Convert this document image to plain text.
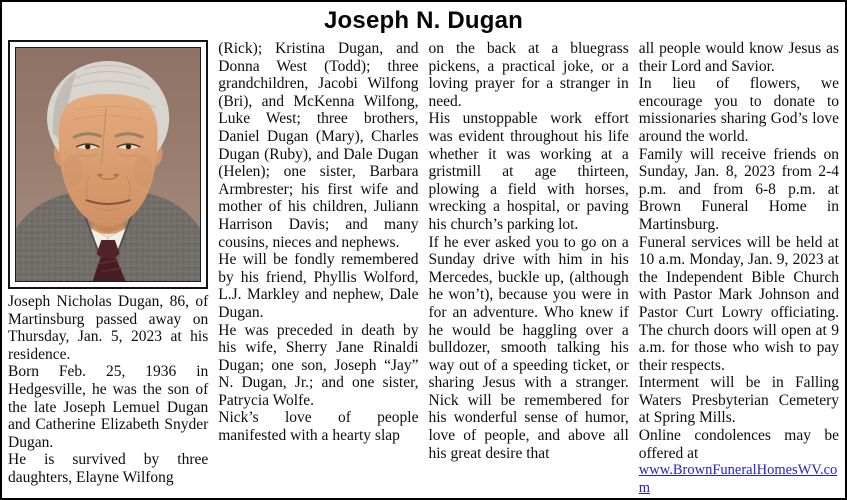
Joseph N. Dugan

Joseph Nicholas Dugan, 86, of Martinsburg passed away on Thursday, Jan. 5, 2023 at his residence.

Born Feb. 25, 1936 in Hedgesville, he was the son of the late Joseph Lemuel Dugan and Catherine Elizabeth Snyder Dugan.

He is survived by three daughters, Elayne Wilfong

(Rick); Kristina Dugan, and Donna West (Todd); three grandchildren, Jacobi Wilfong (Bri), and McKenna Wilfong, Luke West; three brothers, Daniel Dugan (Mary), Charles Dugan (Ruby), and Dale Dugan (Helen); one sister, Barbara Armbrester; his first wife and mother of his children, Juliann Harrison Davis; and many cousins, nieces and nephews.

He will be fondly remembered by his friend, Phyllis Wolford, L.J. Markley and nephew, Dale Dugan.

He was preceded in death by his wife, Sherry Jane Rinaldi Dugan; one son, Joseph “Jay” N. Dugan, Jr.; and one sister, Patrycia Wolfe.

Nick’s love of people manifested with a hearty slap

on the back at a bluegrass pickens, a practical joke, or a loving prayer for a stranger in need.

His unstoppable work effort was evident throughout his life whether it was working at a gristmill at age thirteen, plowing a field with horses, wrecking a hospital, or paving his church’s parking lot.

If he ever asked you to go on a Sunday drive with him in his Mercedes, buckle up, (although he won’t), because you were in for an adventure. Who knew if he would be haggling over a bulldozer, smooth talking his way out of a speeding ticket, or sharing Jesus with a stranger. Nick will be remembered for his wonderful sense of humor, love of people, and above all his great desire that

all people would know Jesus as their Lord and Savior.

In lieu of flowers, we encourage you to donate to missionaries sharing God’s love around the world.

Family will receive friends on Sunday, Jan. 8, 2023 from 2-4 p.m. and from 6-8 p.m. at Brown Funeral Home in Martinsburg.

Funeral services will be held at 10 a.m. Monday, Jan. 9, 2023 at the Independent Bible Church with Pastor Mark Johnson and Pastor Curt Lowry officiating. The church doors will open at 9 a.m. for those who wish to pay their respects.

Interment will be in Falling Waters Presbyterian Cemetery at Spring Mills.

Online condolences may be offered at

www.BrownFuneralHomesWV.com
